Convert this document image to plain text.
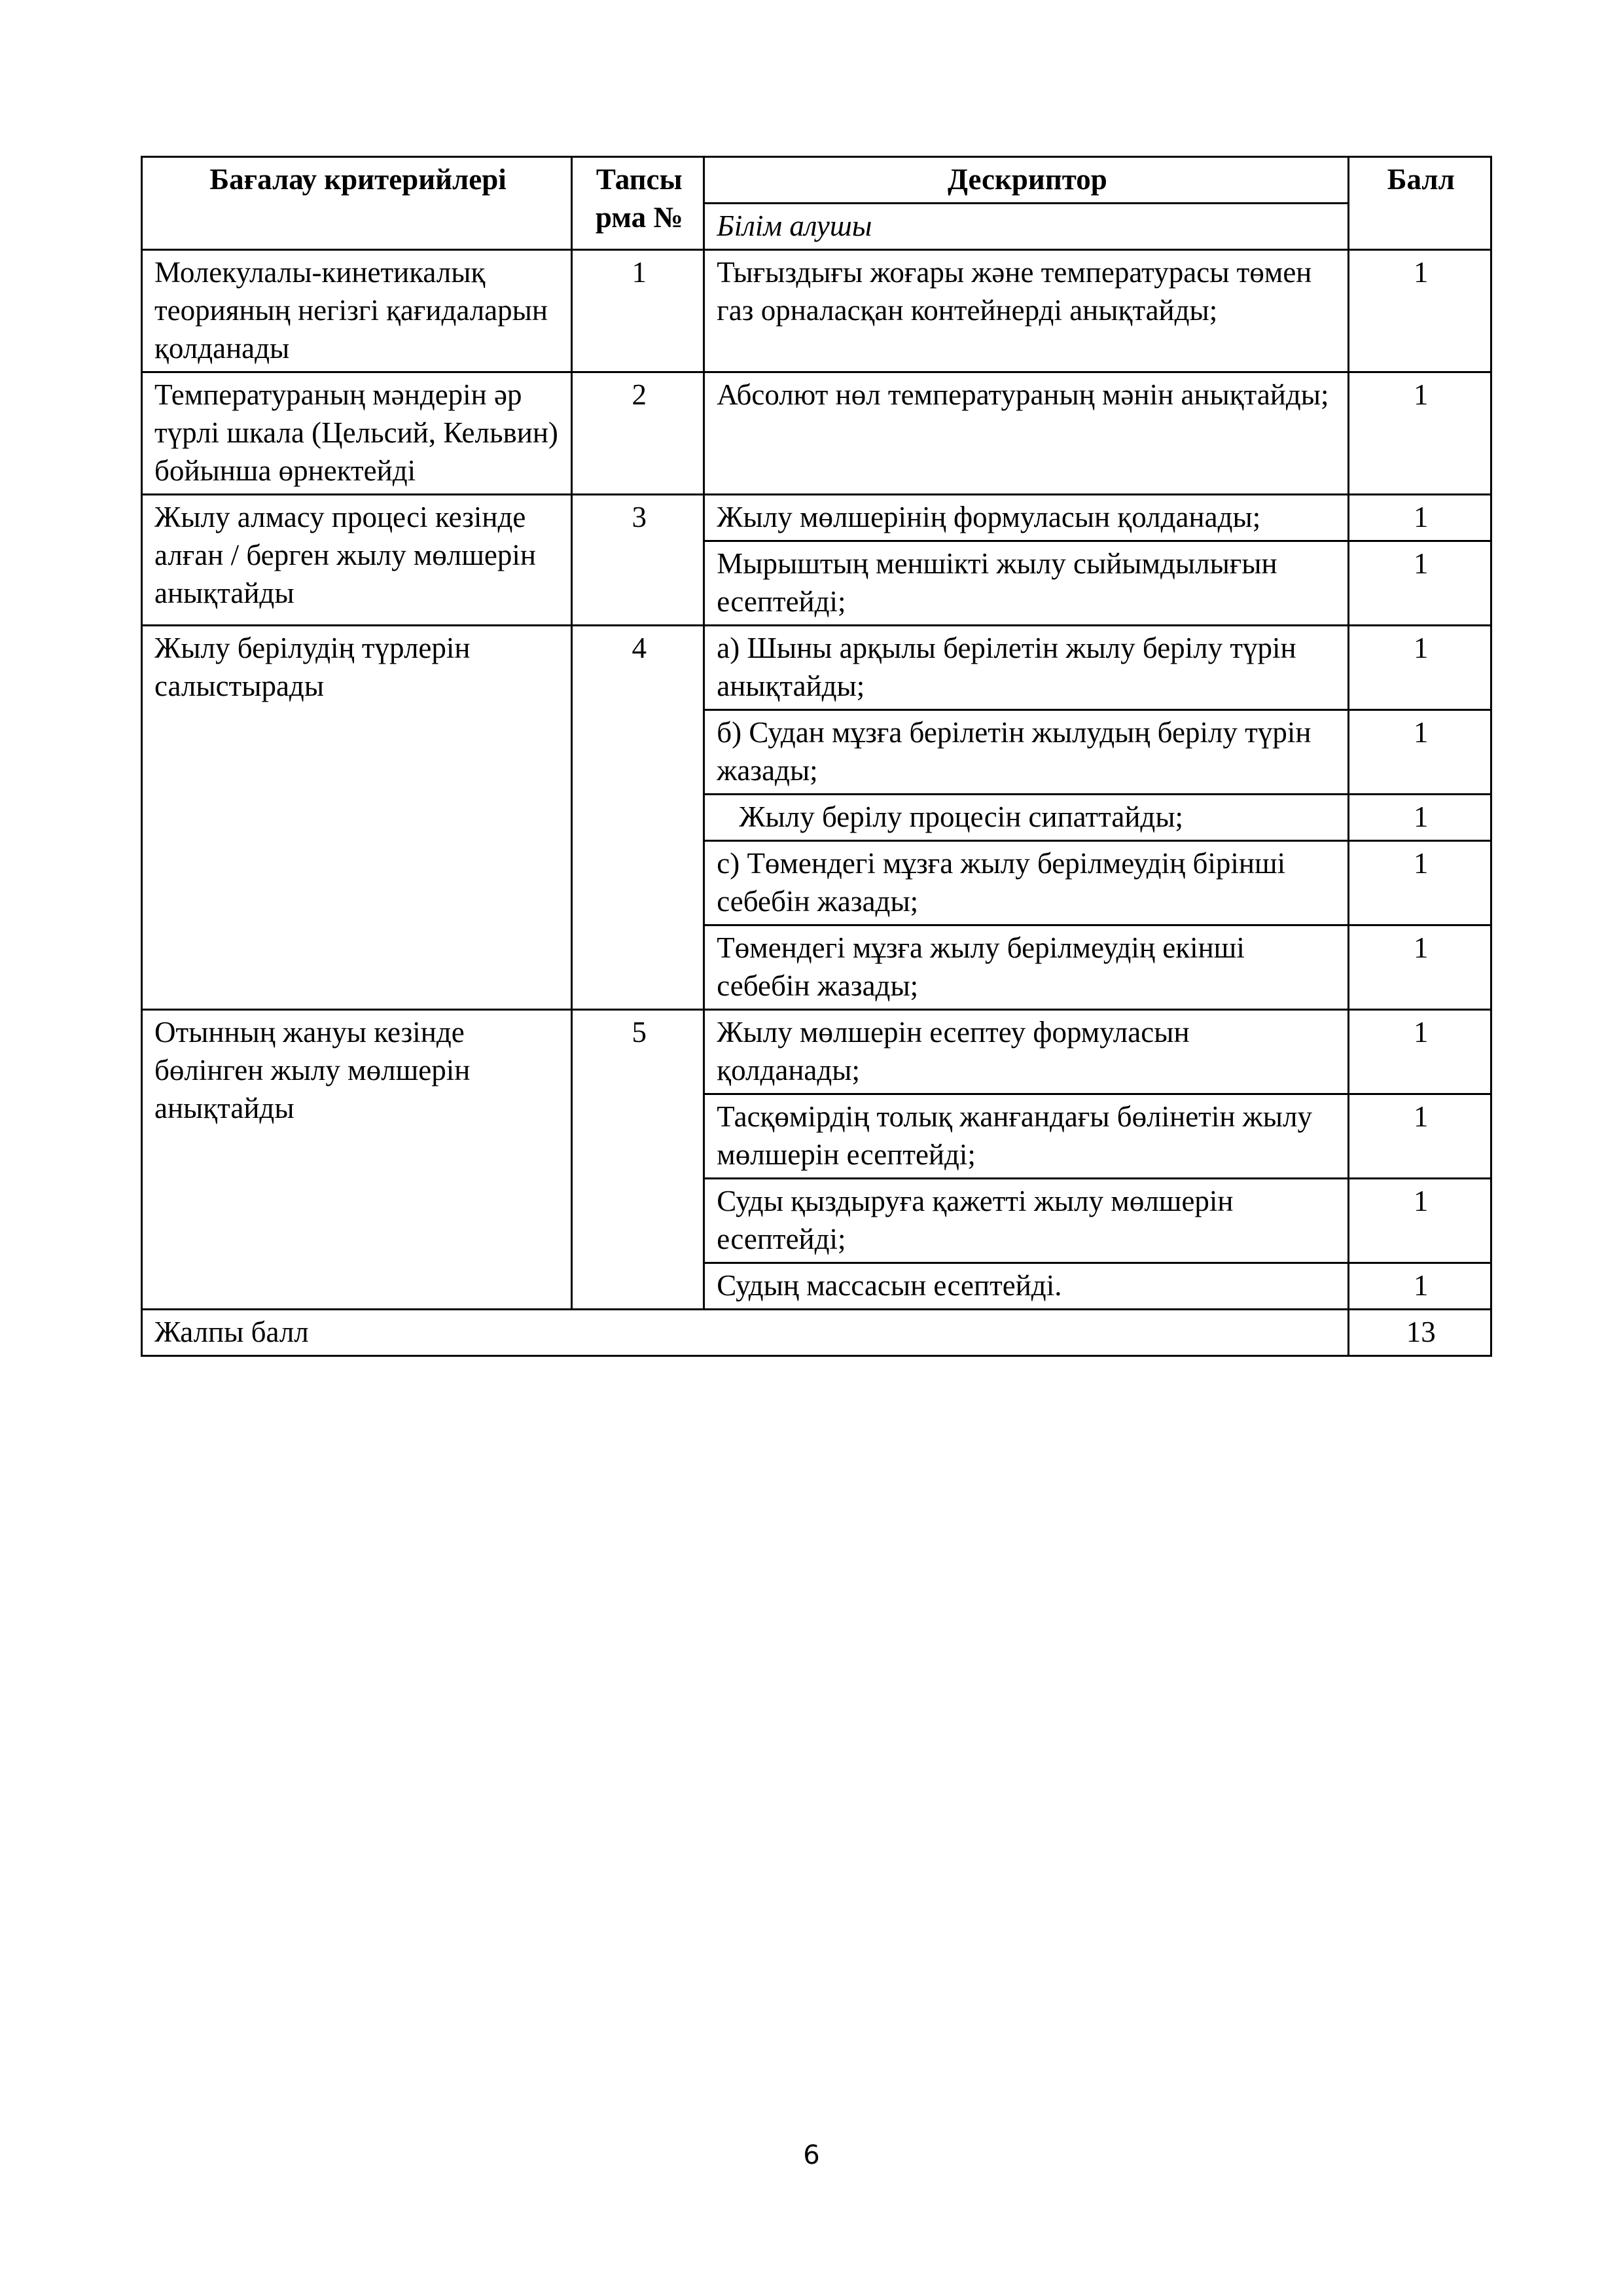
Бағалау критерийлері	Тапсы рма №	Дескриптор	Балл
		Білім алушы	
Молекулалы-кинетикалық теорияның негізгі қағидаларын қолданады	1	Тығыздығы жоғары және температурасы төмен газ орналасқан контейнерді анықтайды;	1
Температураның мәндерін әр түрлі шкала (Цельсий, Кельвин) бойынша өрнектейді	2	Абсолют нөл температураның мәнін анықтайды;	1
Жылу алмасу процесі кезінде алған / берген жылу мөлшерін анықтайды	3	Жылу мөлшерінің формуласын қолданады;	1
		Мырыштың меншікті жылу сыйымдылығын есептейді;	1
Жылу берілудің түрлерін салыстырады	4	a) Шыны арқылы берілетін жылу берілу түрін анықтайды;	1
		б) Судан мұзға берілетін жылудың берілу түрін жазады;	1
		Жылу берілу процесін сипаттайды;	1
		c) Төмендегі мұзға жылу берілмеудің бірінші себебін жазады;	1
		Төмендегі мұзға жылу берілмеудің екінші себебін жазады;	1
Отынның жануы кезінде бөлінген жылу мөлшерін анықтайды	5	Жылу мөлшерін есептеу формуласын қолданады;	1
		Тасқөмірдің толық жанғандағы бөлінетін жылу мөлшерін есептейді;	1
		Суды қыздыруға қажетті жылу мөлшерін есептейді;	1
		Судың массасын есептейді.	1
Жалпы балл			13
6
